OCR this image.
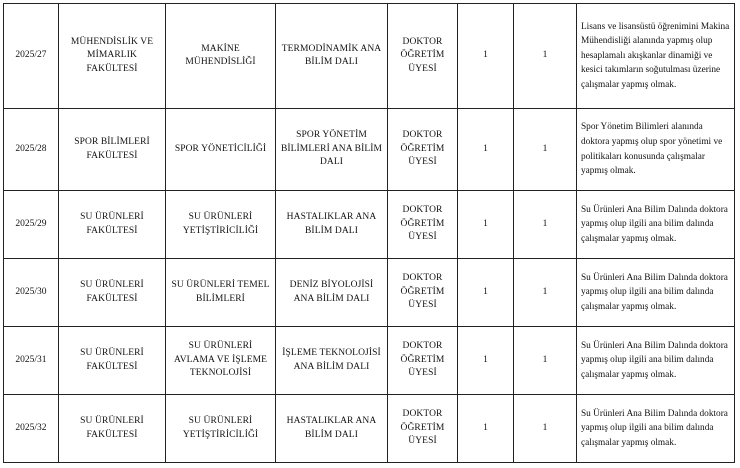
2025/27	MÜHENDİSLİK VE MİMARLIK FAKÜLTESİ	MAKİNE MÜHENDİSLİĞİ	TERMODİNAMİK ANA BİLİM DALI	DOKTOR ÖĞRETİM ÜYESİ	1	1	Lisans ve lisansüstü öğrenimini Makina Mühendisliği alanında yapmış olup hesaplamalı akışkanlar dinamiği ve kesici takımların soğutulması üzerine çalışmalar yapmış olmak.
2025/28	SPOR BİLİMLERİ FAKÜLTESİ	SPOR YÖNETİCİLİĞİ	SPOR YÖNETİM BİLİMLERİ ANA BİLİM DALI	DOKTOR ÖĞRETİM ÜYESİ	1	1	Spor Yönetim Bilimleri alanında doktora yapmış olup spor yönetimi ve politikaları konusunda çalışmalar yapmış olmak.
2025/29	SU ÜRÜNLERİ FAKÜLTESİ	SU ÜRÜNLERİ YETİŞTİRİCİLİĞİ	HASTALIKLAR ANA BİLİM DALI	DOKTOR ÖĞRETİM ÜYESİ	1	1	Su Ürünleri Ana Bilim Dalında doktora yapmış olup ilgili ana bilim dalında çalışmalar yapmış olmak.
2025/30	SU ÜRÜNLERİ FAKÜLTESİ	SU ÜRÜNLERİ TEMEL BİLİMLERİ	DENİZ BİYOLOJİSİ ANA BİLİM DALI	DOKTOR ÖĞRETİM ÜYESİ	1	1	Su Ürünleri Ana Bilim Dalında doktora yapmış olup ilgili ana bilim dalında çalışmalar yapmış olmak.
2025/31	SU ÜRÜNLERİ FAKÜLTESİ	SU ÜRÜNLERİ AVLAMA VE İŞLEME TEKNOLOJİSİ	İŞLEME TEKNOLOJİSİ ANA BİLİM DALI	DOKTOR ÖĞRETİM ÜYESİ	1	1	Su Ürünleri Ana Bilim Dalında doktora yapmış olup ilgili ana bilim dalında çalışmalar yapmış olmak.
2025/32	SU ÜRÜNLERİ FAKÜLTESİ	SU ÜRÜNLERİ YETİŞTİRİCİLİĞİ	HASTALIKLAR ANA BİLİM DALI	DOKTOR ÖĞRETİM ÜYESİ	1	1	Su Ürünleri Ana Bilim Dalında doktora yapmış olup ilgili ana bilim dalında çalışmalar yapmış olmak.
